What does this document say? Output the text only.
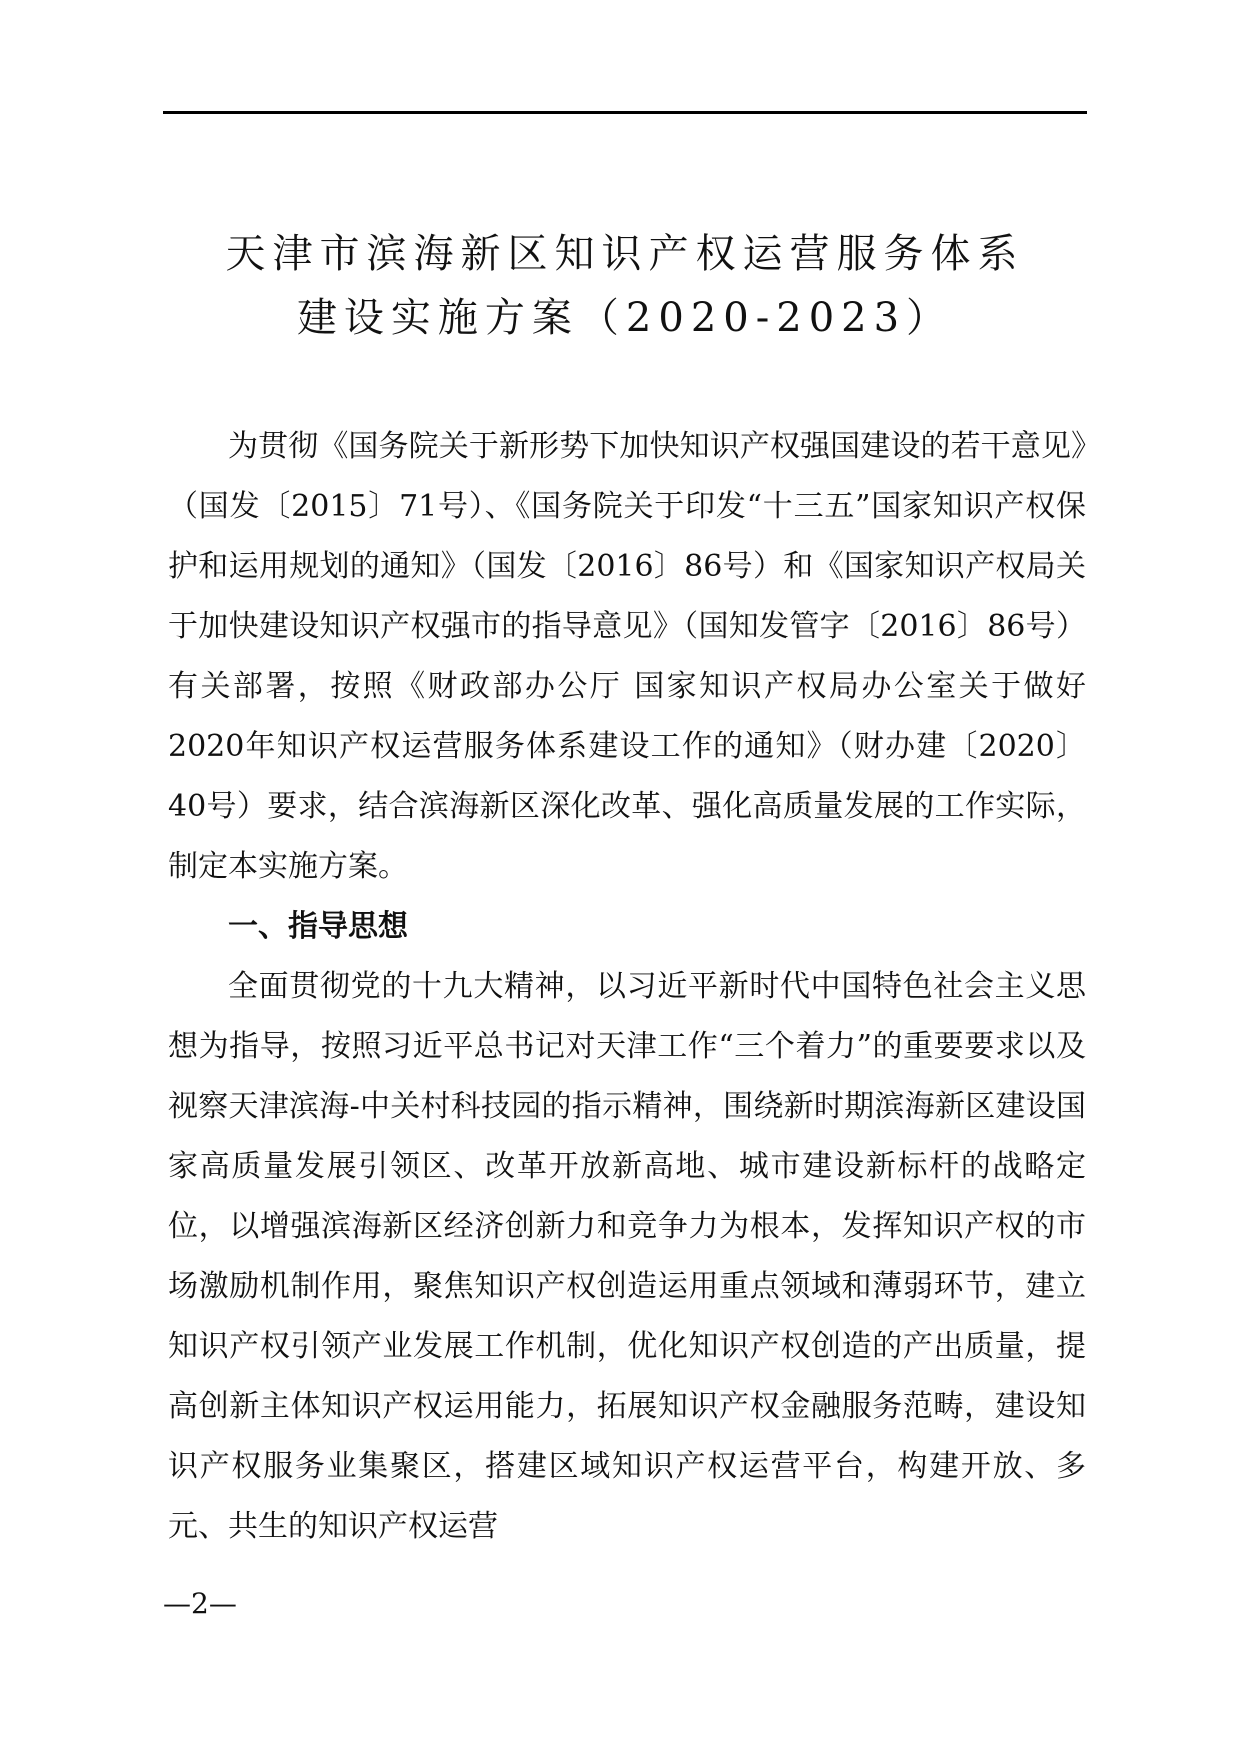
天津市滨海新区知识产权运营服务体系
建设实施方案（2020-2023）

为贯彻《国务院关于新形势下加快知识产权强国建设的若干意见》（国发〔2015〕71号）、《国务院关于印发“十三五”国家知识产权保护和运用规划的通知》（国发〔2016〕86号）和《国家知识产权局关于加快建设知识产权强市的指导意见》（国知发管字〔2016〕86号）有关部署，按照《财政部办公厅 国家知识产权局办公室关于做好2020年知识产权运营服务体系建设工作的通知》（财办建〔2020〕40号）要求，结合滨海新区深化改革、强化高质量发展的工作实际，制定本实施方案。

一、指导思想

全面贯彻党的十九大精神，以习近平新时代中国特色社会主义思想为指导，按照习近平总书记对天津工作“三个着力”的重要要求以及视察天津滨海-中关村科技园的指示精神，围绕新时期滨海新区建设国家高质量发展引领区、改革开放新高地、城市建设新标杆的战略定位，以增强滨海新区经济创新力和竞争力为根本，发挥知识产权的市场激励机制作用，聚焦知识产权创造运用重点领域和薄弱环节，建立知识产权引领产业发展工作机制，优化知识产权创造的产出质量，提高创新主体知识产权运用能力，拓展知识产权金融服务范畴，建设知识产权服务业集聚区，搭建区域知识产权运营平台，构建开放、多元、共生的知识产权运营

—2—
